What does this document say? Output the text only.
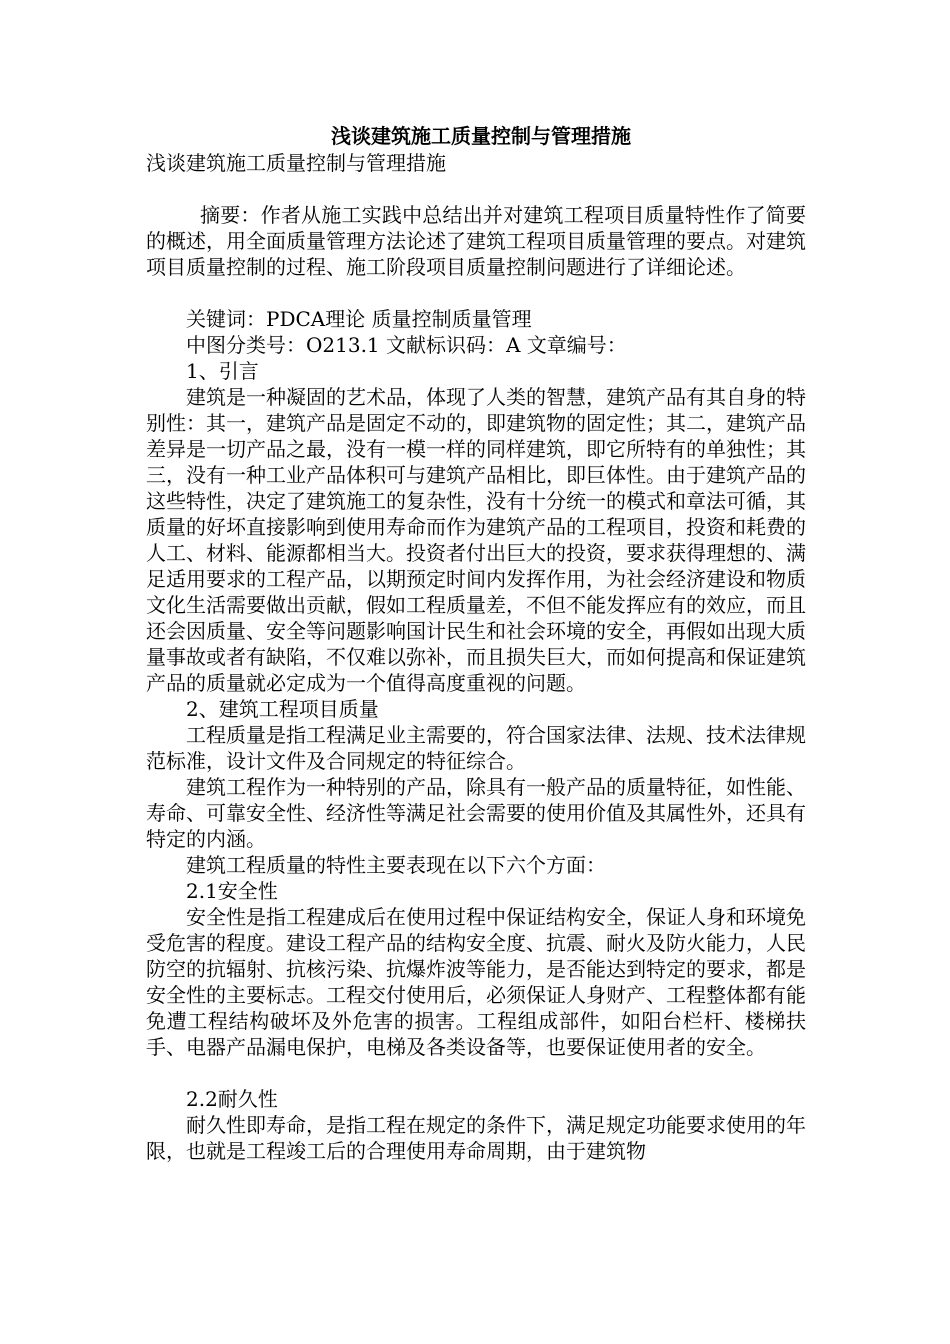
浅谈建筑施工质量控制与管理措施

浅谈建筑施工质量控制与管理措施

摘要：作者从施工实践中总结出并对建筑工程项目质量特性作了简要的概述，用全面质量管理方法论述了建筑工程项目质量管理的要点。对建筑项目质量控制的过程、施工阶段项目质量控制问题进行了详细论述。

关键词：PDCA理论 质量控制质量管理

中图分类号：O213.1 文献标识码：A 文章编号：

1、引言

建筑是一种凝固的艺术品，体现了人类的智慧，建筑产品有其自身的特别性：其一，建筑产品是固定不动的，即建筑物的固定性；其二，建筑产品差异是一切产品之最，没有一模一样的同样建筑，即它所特有的单独性；其三，没有一种工业产品体积可与建筑产品相比，即巨体性。由于建筑产品的这些特性，决定了建筑施工的复杂性，没有十分统一的模式和章法可循，其质量的好坏直接影响到使用寿命而作为建筑产品的工程项目，投资和耗费的人工、材料、能源都相当大。投资者付出巨大的投资，要求获得理想的、满足适用要求的工程产品，以期预定时间内发挥作用，为社会经济建设和物质文化生活需要做出贡献，假如工程质量差，不但不能发挥应有的效应，而且还会因质量、安全等问题影响国计民生和社会环境的安全，再假如出现大质量事故或者有缺陷，不仅难以弥补，而且损失巨大，而如何提高和保证建筑产品的质量就必定成为一个值得高度重视的问题。

2、建筑工程项目质量

工程质量是指工程满足业主需要的，符合国家法律、法规、技术法律规范标准，设计文件及合同规定的特征综合。

建筑工程作为一种特别的产品，除具有一般产品的质量特征，如性能、寿命、可靠安全性、经济性等满足社会需要的使用价值及其属性外，还具有特定的内涵。

建筑工程质量的特性主要表现在以下六个方面：

2.1安全性

安全性是指工程建成后在使用过程中保证结构安全，保证人身和环境免受危害的程度。建设工程产品的结构安全度、抗震、耐火及防火能力，人民防空的抗辐射、抗核污染、抗爆炸波等能力，是否能达到特定的要求，都是安全性的主要标志。工程交付使用后，必须保证人身财产、工程整体都有能免遭工程结构破坏及外危害的损害。工程组成部件，如阳台栏杆、楼梯扶手、电器产品漏电保护，电梯及各类设备等，也要保证使用者的安全。

2.2耐久性

耐久性即寿命，是指工程在规定的条件下，满足规定功能要求使用的年限，也就是工程竣工后的合理使用寿命周期，由于建筑物
